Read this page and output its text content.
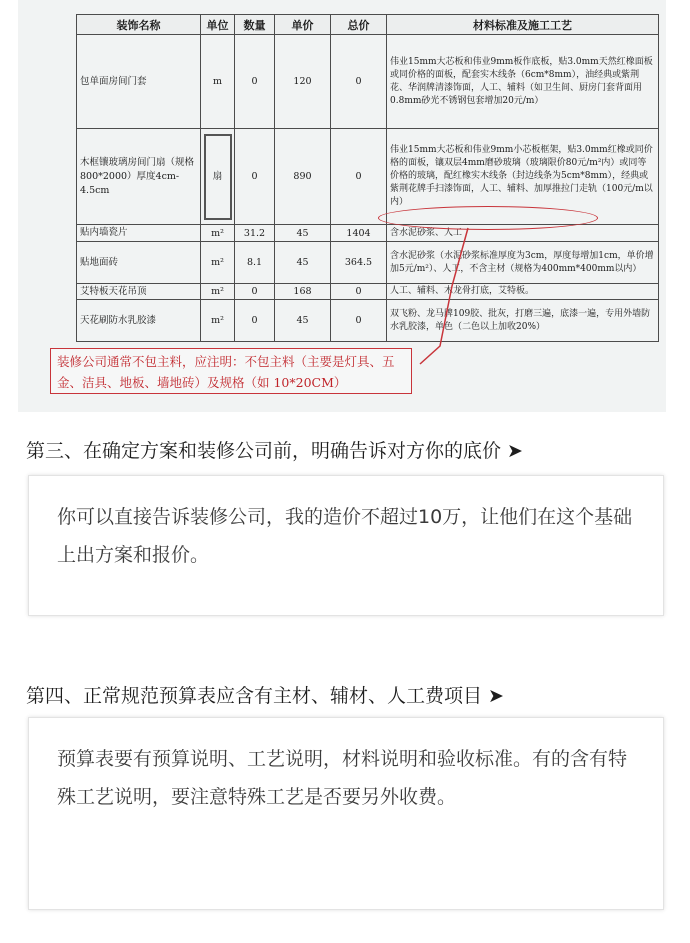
装饰名称	单位	数量	单价	总价	材料标准及施工工艺
包单面房间门套	m	0	120	0	伟业15mm大芯板和伟业9mm板作底板，贴3.0mm天然红橡面板或同价格的面板，配套实木线条（6cm*8mm），油经典或紫荆花、华润牌清漆饰面，人工、辅料（如卫生间、厨房门套背面用0.8mm砂光不锈钢包套增加20元/m）
木框镶玻璃房间门扇（规格800*2000）厚度4cm-4.5cm	扇	0	890	0	伟业15mm大芯板和伟业9mm小芯板框架，贴3.0mm红橡或同价格的面板，镶双层4mm磨砂玻璃（玻璃限价80元/m²内）或同等价格的玻璃，配红橡实木线条（封边线条为5cm*8mm），经典或紫荆花牌手扫漆饰面，人工、辅料、加厚推拉门走轨（100元/m以内）
贴内墙瓷片	m²	31.2	45	1404	含水泥砂浆、人工
贴地面砖	m²	8.1	45	364.5	含水泥砂浆（水泥砂浆标准厚度为3cm，厚度每增加1cm，单价增加5元/m²）、人工，不含主材（规格为400mm*400mm以内）
艾特板天花吊顶	m²	0	168	0	人工、辅料、木龙骨打底，艾特板。
天花刷防水乳胶漆	m²	0	45	0	双飞粉、龙马牌109胶、批灰，打磨三遍，底漆一遍，专用外墙防水乳胶漆，单色（二色以上加收20%）
装修公司通常不包主料，应注明：不包主料（主要是灯具、五金、洁具、地板、墙地砖）及规格（如 10*20CM）
第三、在确定方案和装修公司前，明确告诉对方你的底价 ➤

你可以直接告诉装修公司，我的造价不超过10万，让他们在这个基础上出方案和报价。

第四、正常规范预算表应含有主材、辅材、人工费项目 ➤

预算表要有预算说明、工艺说明，材料说明和验收标准。有的含有特殊工艺说明，要注意特殊工艺是否要另外收费。
